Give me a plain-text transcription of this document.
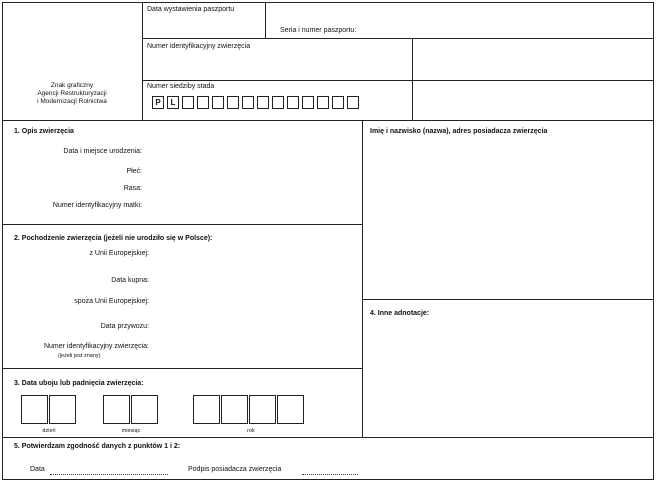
Znak graficzny
Agencji Restrukturyzacji
i Modernizacji Rolnictwa
Data wystawienia paszportu
Seria i numer paszportu:
Numer identyfikacyjny zwierzęcia
Numer siedziby stada
P	L
1. Opis zwierzęcia
Data i miejsce urodzenia:
Płeć:
Rasa:
Numer identyfikacyjny matki:
Imię i nazwisko (nazwa), adres posiadacza zwierzęcia
2. Pochodzenie zwierzęcia (jeżeli nie urodziło się w Polsce):
z Unii Europejskiej:
Data kupna:
spoza Unii Europejskiej:
Data przywozu:
Numer identyfikacyjny zwierzęcia:
(jeżeli jest znany)
4. Inne adnotacje:
3. Data uboju lub padnięcia zwierzęcia:
dzień	miesiąc	rok
5. Potwierdzam zgodność danych z punktów 1 i 2:
Data	Podpis posiadacza zwierzęcia
